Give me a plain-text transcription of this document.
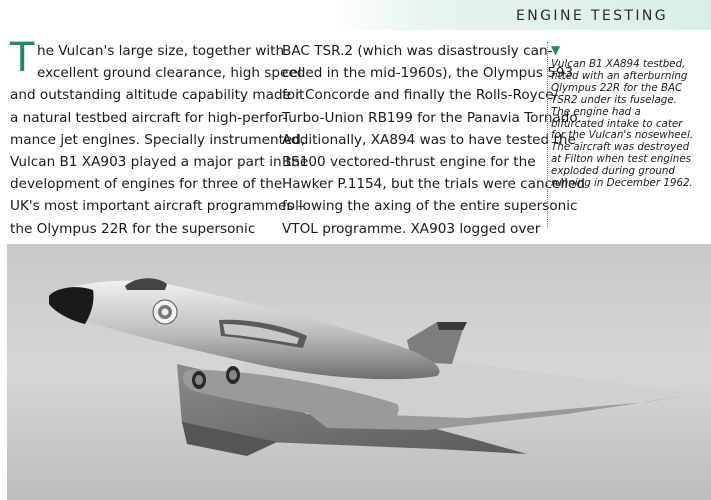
ENGINE TESTING
T he Vulcan's large size, together with

excellent ground clearance, high speed

and outstanding altitude capability made it

a natural testbed aircraft for high-perfor-

mance jet engines. Specially instrumented,

Vulcan B1 XA903 played a major part in the

development of engines for three of the

UK's most important aircraft programmes –

the Olympus 22R for the supersonic

BAC TSR.2 (which was disastrously can-

celled in the mid-1960s), the Olympus 593

for Concorde and finally the Rolls-Royce/

Turbo-Union RB199 for the Panavia Tornado.

Additionally, XA894 was to have tested the

BS100 vectored-thrust engine for the

Hawker P.1154, but the trials were cancelled

following the axing of the entire supersonic

VTOL programme. XA903 logged over

▼

Vulcan B1 XA894 testbed,

fitted with an afterburning

Olympus 22R for the BAC

TSR2 under its fuselage.

The engine had a

bifurcated intake to cater

for the Vulcan's nosewheel.

The aircraft was destroyed

at Filton when test engines

exploded during ground

running in December 1962.
